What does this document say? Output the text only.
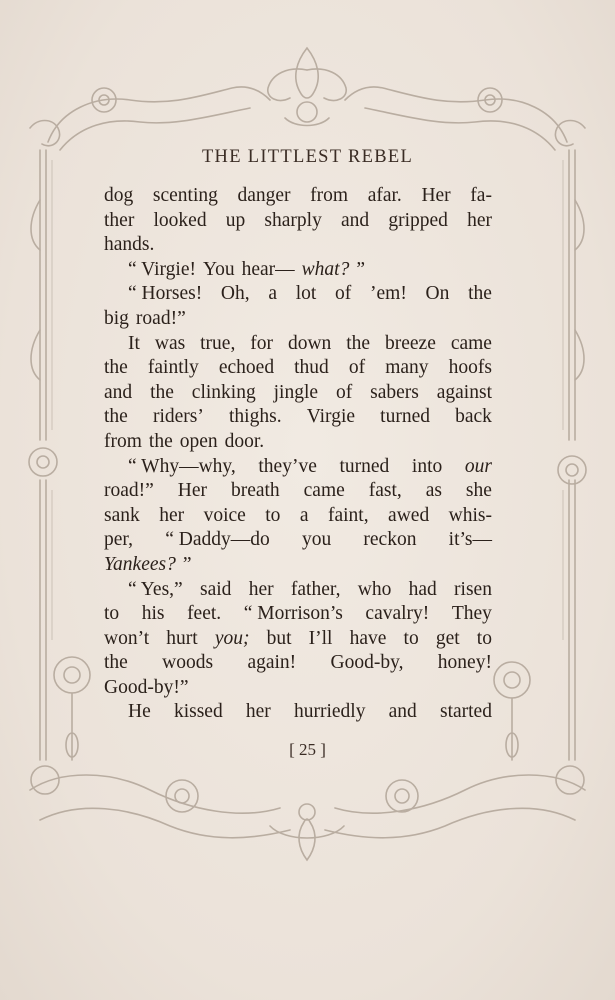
THE LITTLEST REBEL
dog scenting danger from afar. Her fa-
ther looked up sharply and gripped her
hands.
“ Virgie! You hear— what? ”
“ Horses! Oh, a lot of ’em! On the
big road!”
It was true, for down the breeze came
the faintly echoed thud of many hoofs
and the clinking jingle of sabers against
the riders’ thighs. Virgie turned back
from the open door.
“ Why—why, they’ve turned into our
road!” Her breath came fast, as she
sank her voice to a faint, awed whis-
per, “ Daddy—do you reckon it’s—
Yankees? ”
“ Yes,” said her father, who had risen
to his feet. “ Morrison’s cavalry! They
won’t hurt you; but I’ll have to get to
the woods again! Good-by, honey!
Good-by!”
He kissed her hurriedly and started
[ 25 ]
